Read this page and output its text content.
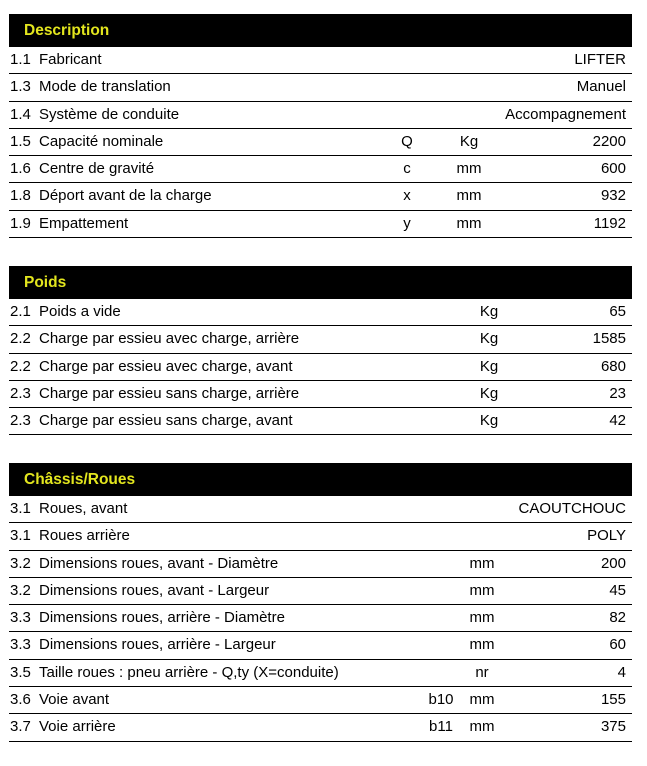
Description
1.1 Fabricant	LIFTER
1.3 Mode de translation	Manuel
1.4 Système de conduite	Accompagnement
1.5 Capacité nominale	Q	Kg	2200
1.6 Centre de gravité	c	mm	600
1.8 Déport avant de la charge	x	mm	932
1.9 Empattement	y	mm	1192
Poids
2.1 Poids a vide	Kg	65
2.2 Charge par essieu avec charge, arrière	Kg	1585
2.2 Charge par essieu avec charge, avant	Kg	680
2.3 Charge par essieu sans charge, arrière	Kg	23
2.3 Charge par essieu sans charge, avant	Kg	42
Châssis/Roues
3.1 Roues, avant	CAOUTCHOUC
3.1 Roues arrière	POLY
3.2 Dimensions roues, avant - Diamètre	mm	200
3.2 Dimensions roues, avant - Largeur	mm	45
3.3 Dimensions roues, arrière - Diamètre	mm	82
3.3 Dimensions roues, arrière - Largeur	mm	60
3.5 Taille roues : pneu arrière - Q,ty (X=conduite)	nr	4
3.6 Voie avant	b10	mm	155
3.7 Voie arrière	b11	mm	375
